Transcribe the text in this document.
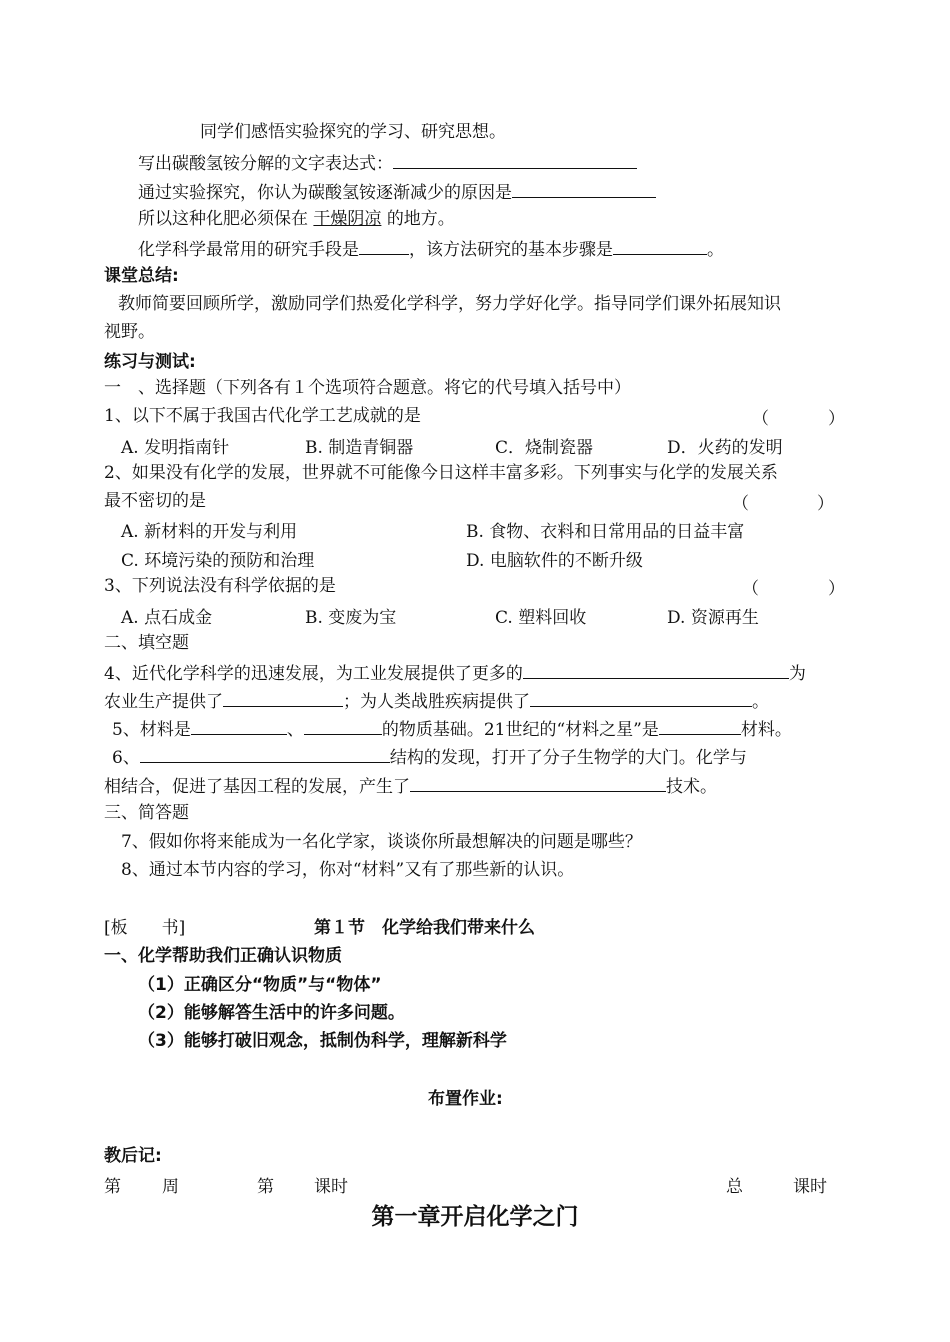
同学们感悟实验探究的学习、研究思想。
写出碳酸氢铵分解的文字表达式：
通过实验探究，你认为碳酸氢铵逐渐减少的原因是
所以这种化肥必须保在 干燥阴凉 的地方。
化学科学最常用的研究手段是	，该方法研究的基本步骤是	。
课堂总结:
教师简要回顾所学，激励同学们热爱化学科学，努力学好化学。指导同学们课外拓展知识
视野。
练习与测试:
一　、选择题（下列各有１个选项符合题意。将它的代号填入括号中）
1、以下不属于我国古代化学工艺成就的是	（	）
A. 发明指南针	B. 制造青铜器	C．烧制瓷器	D．火药的发明
2、如果没有化学的发展，世界就不可能像今日这样丰富多彩。下列事实与化学的发展关系
最不密切的是	（	）
A. 新材料的开发与利用	B. 食物、衣料和日常用品的日益丰富
C. 环境污染的预防和治理	D. 电脑软件的不断升级
3、下列说法没有科学依据的是	（	）
A. 点石成金	B. 变废为宝	C. 塑料回收	D. 资源再生
二、填空题
4、近代化学科学的迅速发展，为工业发展提供了更多的	为
农业生产提供了	；为人类战胜疾病提供了	。
5、材料是	、	的物质基础。21世纪的“材料之星”是	材料。
6、	结构的发现，打开了分子生物学的大门。化学与
相结合，促进了基因工程的发展，产生了	技术。
三、简答题
7、假如你将来能成为一名化学家，谈谈你所最想解决的问题是哪些？
8、通过本节内容的学习，你对“材料”又有了那些新的认识。
[板　　书]	第１节　化学给我们带来什么
一、化学帮助我们正确认识物质
（1）正确区分“物质”与“物体”
（2）能够解答生活中的许多问题。
（3）能够打破旧观念，抵制伪科学，理解新科学
布置作业:
教后记:
第 周	第 课时	总	课时
第一章开启化学之门
